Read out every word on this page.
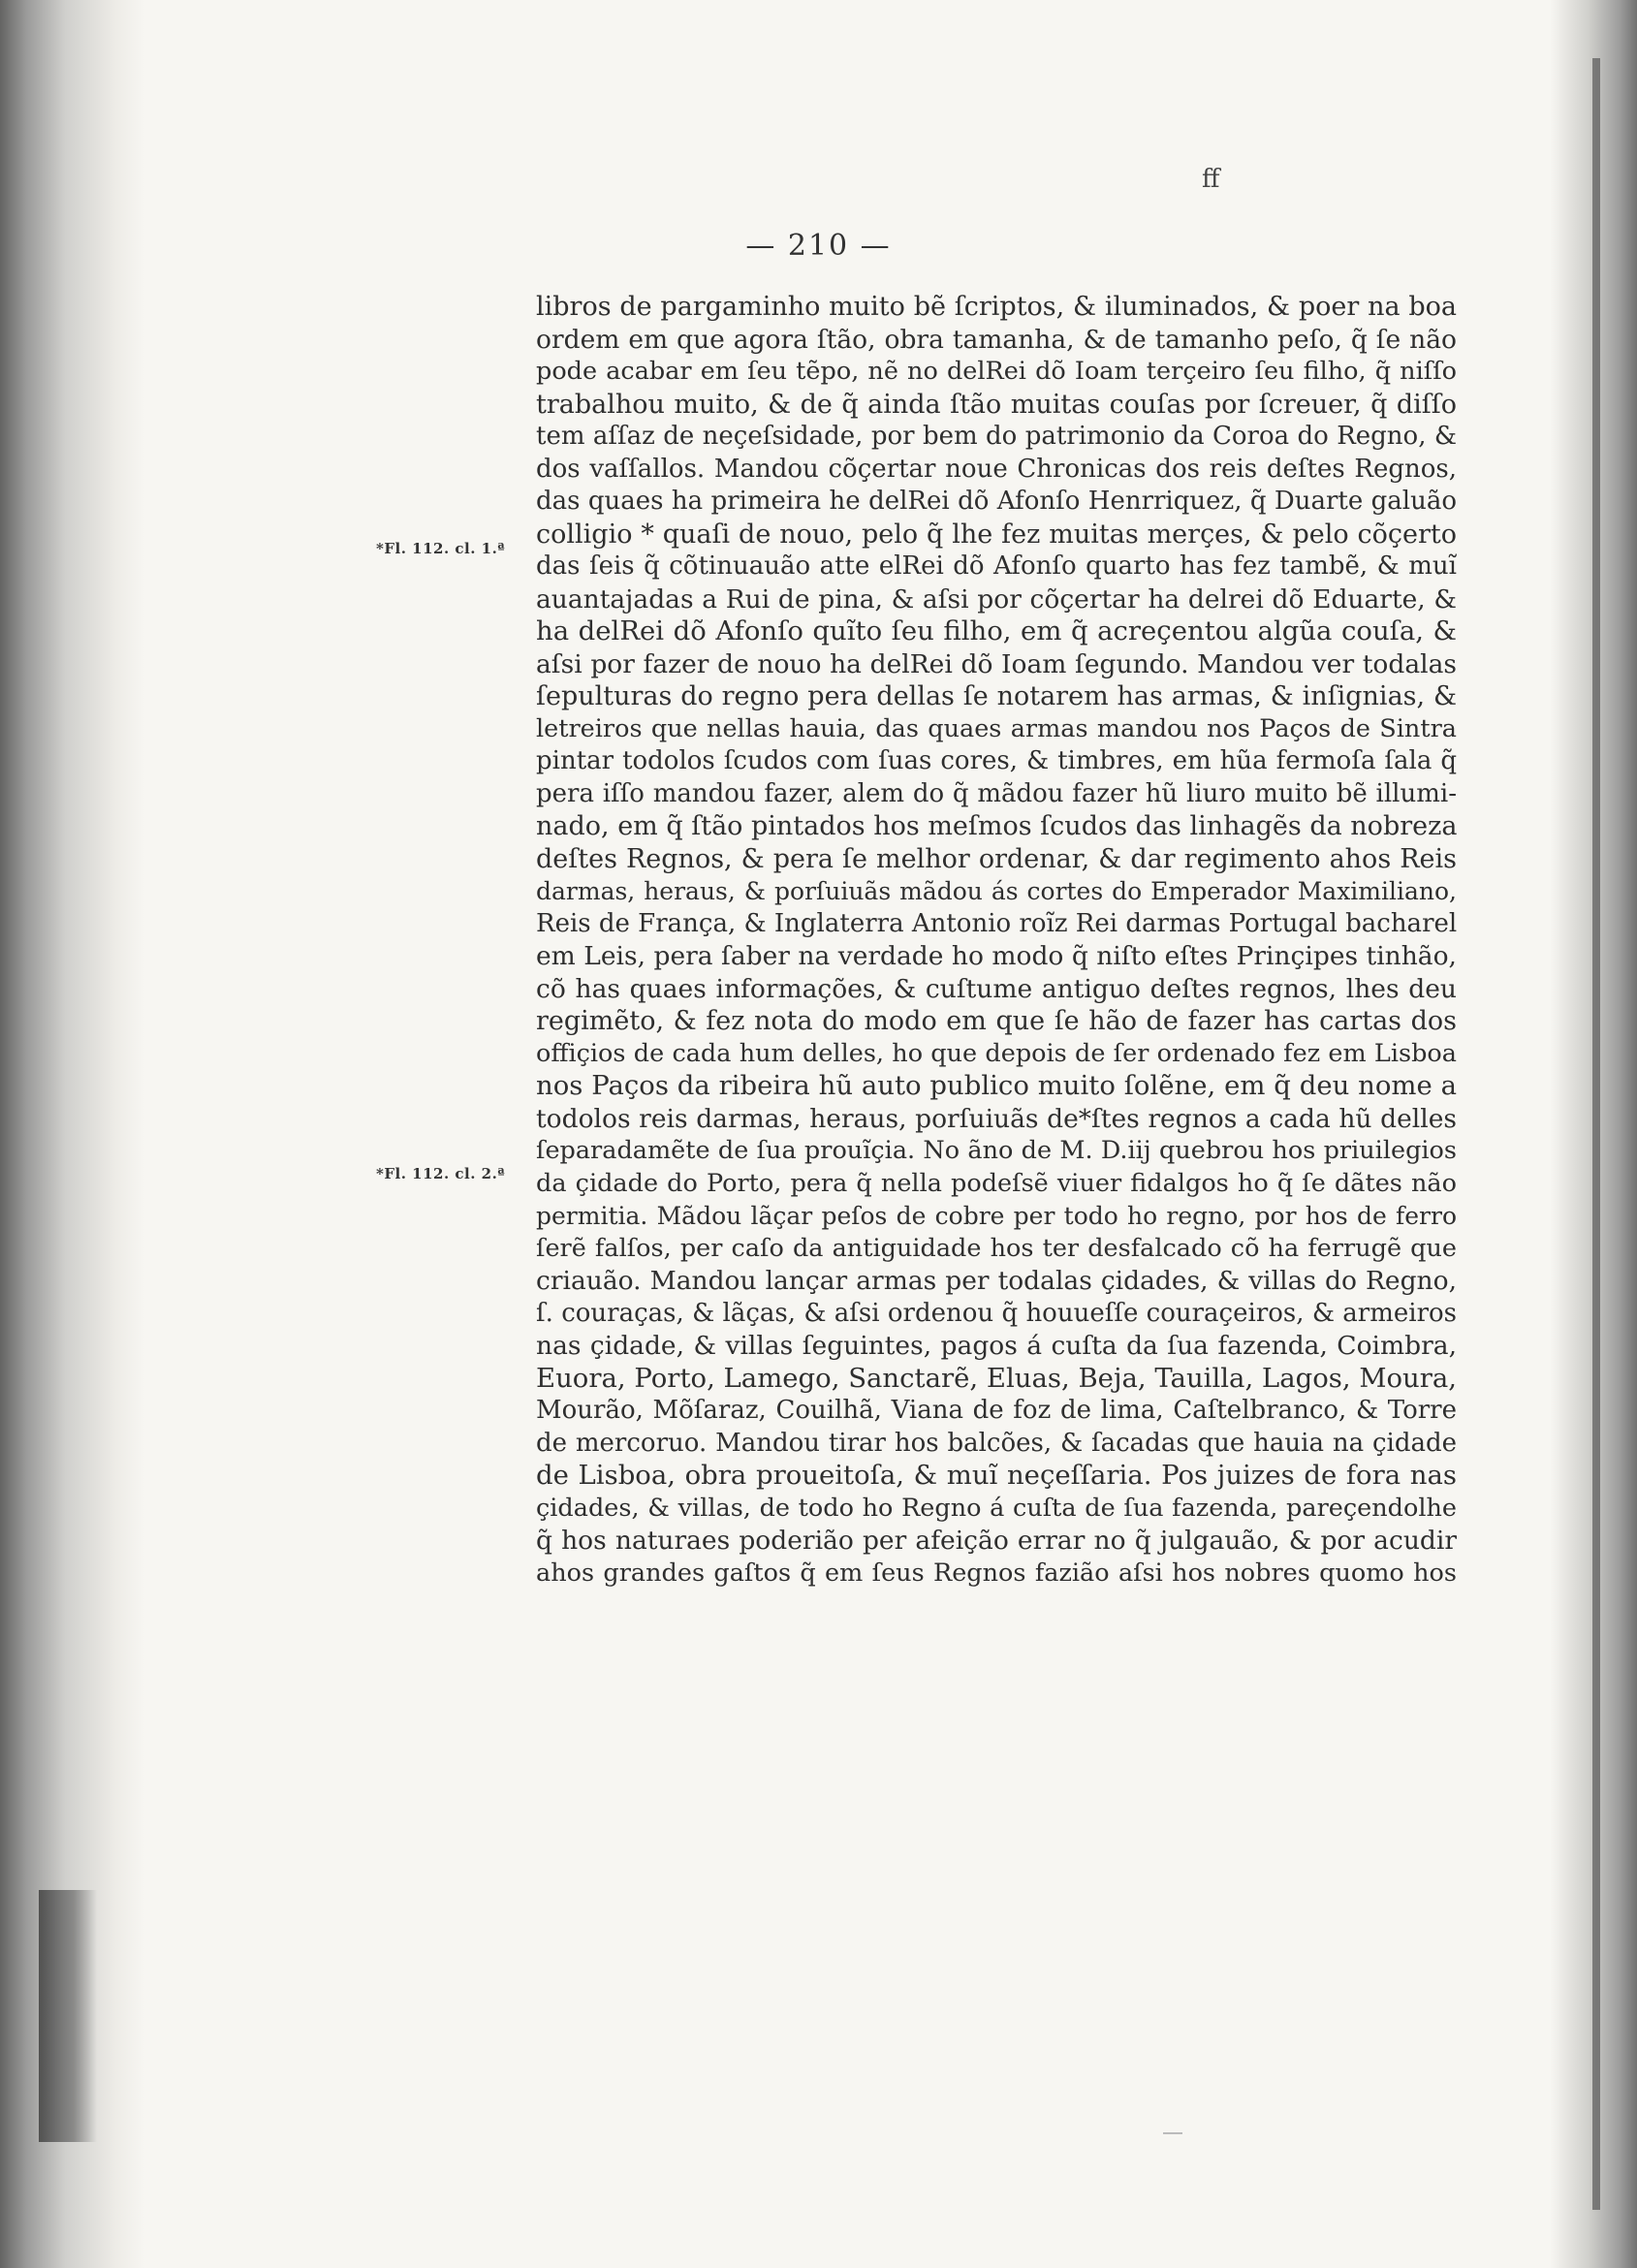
ff
— 210 —
*Fl. 112. cl. 1.ª
*Fl. 112. cl. 2.ª
libros de pargaminho muito bẽ ſcriptos, & iluminados, & poer na boa
ordem em que agora ſtão, obra tamanha, & de tamanho peſo, q̃ ſe não
pode acabar em ſeu tẽpo, nẽ no delRei dõ Ioam terçeiro ſeu filho, q̃ niſſo
trabalhou muito, & de q̃ ainda ſtão muitas couſas por ſcreuer, q̃ diſſo
tem aſſaz de neçeſsidade, por bem do patrimonio da Coroa do Regno, &
dos vaſſallos. Mandou cõçertar noue Chronicas dos reis deſtes Regnos,
das quaes ha primeira he delRei dõ Afonſo Henrriquez, q̃ Duarte galuão
colligio * quaſi de nouo, pelo q̃ lhe fez muitas merçes, & pelo cõçerto
das ſeis q̃ cõtinuauão atte elRei dõ Afonſo quarto has fez tambẽ, & muĩ
auantajadas a Rui de pina, & aſsi por cõçertar ha delrei dõ Eduarte, &
ha delRei dõ Afonſo quĩto ſeu filho, em q̃ acreçentou algũa couſa, &
aſsi por fazer de nouo ha delRei dõ Ioam ſegundo. Mandou ver todalas
ſepulturas do regno pera dellas ſe notarem has armas, & inſignias, &
letreiros que nellas hauia, das quaes armas mandou nos Paços de Sintra
pintar todolos ſcudos com ſuas cores, & timbres, em hũa fermoſa ſala q̃
pera iſſo mandou fazer, alem do q̃ mãdou fazer hũ liuro muito bẽ illumi-
nado, em q̃ ſtão pintados hos meſmos ſcudos das linhagẽs da nobreza
deſtes Regnos, & pera ſe melhor ordenar, & dar regimento ahos Reis
darmas, heraus, & porſuiuãs mãdou ás cortes do Emperador Maximiliano,
Reis de França, & Inglaterra Antonio roĩz Rei darmas Portugal bacharel
em Leis, pera ſaber na verdade ho modo q̃ niſto eſtes Prinçipes tinhão,
cõ has quaes informações, & cuſtume antiguo deſtes regnos, lhes deu
regimẽto, & fez nota do modo em que ſe hão de fazer has cartas dos
offiçios de cada hum delles, ho que depois de ſer ordenado fez em Lisboa
nos Paços da ribeira hũ auto publico muito ſolẽne, em q̃ deu nome a
todolos reis darmas, heraus, porſuiuãs de*ſtes regnos a cada hũ delles
ſeparadamẽte de ſua prouĩçia. No ãno de M. D.iij quebrou hos priuilegios
da çidade do Porto, pera q̃ nella podeſsẽ viuer fidalgos ho q̃ ſe dãtes não
permitia. Mãdou lãçar peſos de cobre per todo ho regno, por hos de ferro
ſerẽ falſos, per caſo da antiguidade hos ter desfalcado cõ ha ferrugẽ que
criauão. Mandou lançar armas per todalas çidades, & villas do Regno,
ſ. couraças, & lãças, & aſsi ordenou q̃ houueſſe couraçeiros, & armeiros
nas çidade, & villas ſeguintes, pagos á cuſta da ſua fazenda, Coimbra,
Euora, Porto, Lamego, Sanctarẽ, Eluas, Beja, Tauilla, Lagos, Moura,
Mourão, Mõſaraz, Couilhã, Viana de foz de lima, Caſtelbranco, & Torre
de mercoruo. Mandou tirar hos balcões, & ſacadas que hauia na çidade
de Lisboa, obra proueitoſa, & muĩ neçeſſaria. Pos juizes de fora nas
çidades, & villas, de todo ho Regno á cuſta de ſua fazenda, pareçendolhe
q̃ hos naturaes poderião per afeição errar no q̃ julgauão, & por acudir
ahos grandes gaſtos q̃ em ſeus Regnos fazião aſsi hos nobres quomo hos
